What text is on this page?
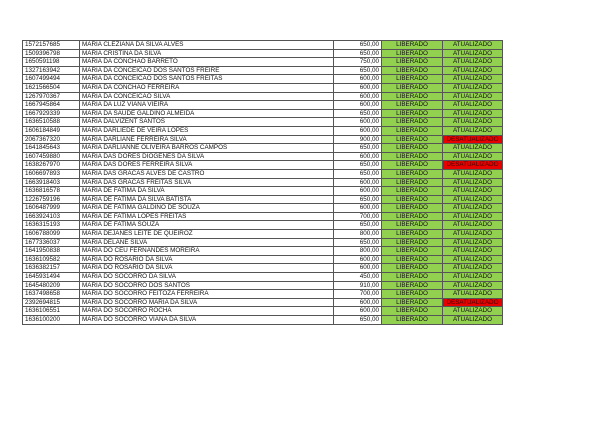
1572157685	MARIA CLEZIANA DA SILVA ALVES	650,00	LIBERADO	ATUALIZADO
1509396798	MARIA CRISTINA DA SILVA	650,00	LIBERADO	ATUALIZADO
1650591198	MARIA DA CONCHAO BARRETO	750,00	LIBERADO	ATUALIZADO
1327163942	MARIA DA CONCEICAO DOS SANTOS FREIRE	650,00	LIBERADO	ATUALIZADO
1607499494	MARIA DA CONCEICAO DOS SANTOS FREITAS	600,00	LIBERADO	ATUALIZADO
1621566504	MARIA DA CONCHAO FERREIRA	600,00	LIBERADO	ATUALIZADO
1267970367	MARIA DA CONCEICAO SILVA	600,00	LIBERADO	ATUALIZADO
1667945864	MARIA DA LUZ VIANA VIEIRA	600,00	LIBERADO	ATUALIZADO
1667929339	MARIA DA SAUDE GALDINO ALMEIDA	650,00	LIBERADO	ATUALIZADO
1636510588	MARIA DALVIZENT SANTOS	600,00	LIBERADO	ATUALIZADO
1606184849	MARIA DARLIEDE DE VEIRA LOPES	600,00	LIBERADO	ATUALIZADO
2067367320	MARIA DARLIANE FERREIRA SILVA	900,00	LIBERADO	DESATUALIZADO
1641845643	MARIA DARLIANNE OLIVEIRA BARROS CAMPOS	650,00	LIBERADO	ATUALIZADO
1607459880	MARIA DAS DORES DIOGENES DA SILVA	600,00	LIBERADO	ATUALIZADO
1638267970	MARIA DAS DORES FERREIRA SILVA	650,00	LIBERADO	DESATUALIZADO
1606697893	MARIA DAS GRACAS ALVES DE CASTRO	650,00	LIBERADO	ATUALIZADO
1663918403	MARIA DAS GRACAS FREITAS SILVA	600,00	LIBERADO	ATUALIZADO
1636816578	MARIA DE FATIMA DA SILVA	600,00	LIBERADO	ATUALIZADO
1226759196	MARIA DE FATIMA DA SILVA BATISTA	650,00	LIBERADO	ATUALIZADO
1606487999	MARIA DE FATIMA GALDINO DE SOUZA	600,00	LIBERADO	ATUALIZADO
1663924103	MARIA DE FATIMA LOPES FREITAS	700,00	LIBERADO	ATUALIZADO
1636315193	MARIA DE FATIMA SOUZA	650,00	LIBERADO	ATUALIZADO
1606788099	MARIA DEJANES LEITE DE QUEIROZ	800,00	LIBERADO	ATUALIZADO
1677336037	MARIA DELANE SILVA	650,00	LIBERADO	ATUALIZADO
1641950838	MARIA DO CEU FERNANDES MOREIRA	800,00	LIBERADO	ATUALIZADO
1636109582	MARIA DO ROSARIO DA SILVA	600,00	LIBERADO	ATUALIZADO
1636382157	MARIA DO ROSARIO DA SILVA	600,00	LIBERADO	ATUALIZADO
1645931494	MARIA DO SOCORRO DA SILVA	450,00	LIBERADO	ATUALIZADO
1645480209	MARIA DO SOCORRO DOS SANTOS	910,00	LIBERADO	ATUALIZADO
1637498658	MARIA DO SOCORRO FEITOZA FERREIRA	700,00	LIBERADO	ATUALIZADO
2392694815	MARIA DO SOCORRO MARIA DA SILVA	600,00	LIBERADO	DESATUALIZADO
1636106551	MARIA DO SOCORRO ROCHA	600,00	LIBERADO	ATUALIZADO
1636100200	MARIA DO SOCORRO VIANA DA SILVA	650,00	LIBERADO	ATUALIZADO
